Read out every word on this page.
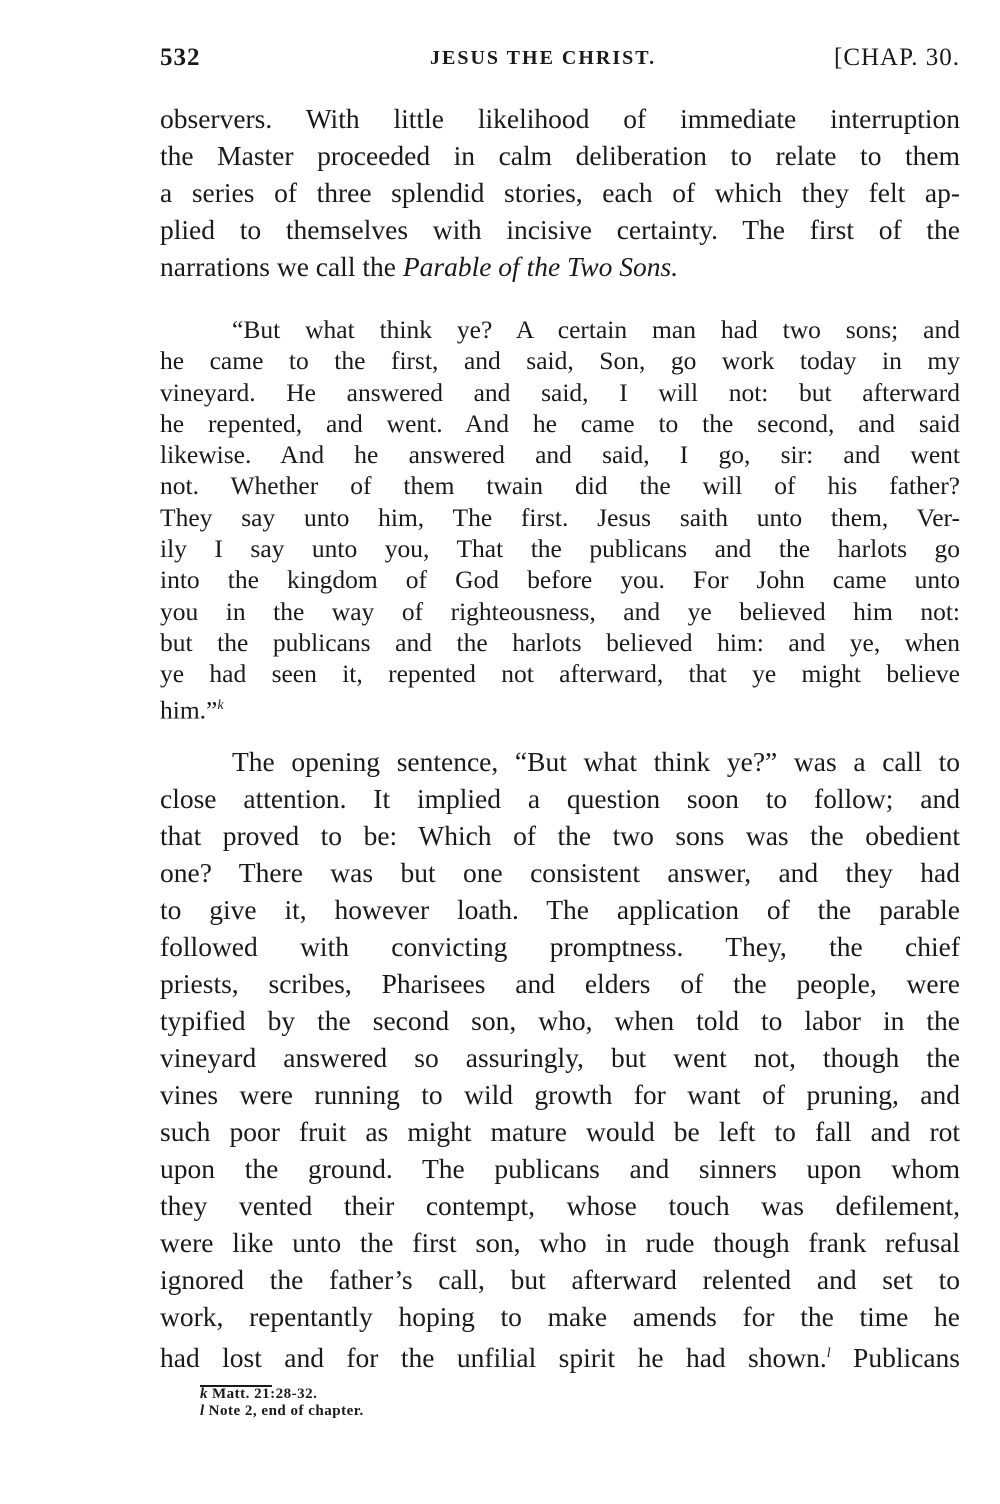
532	JESUS THE CHRIST.	[CHAP. 30.
observers. With little likelihood of immediate interruption
the Master proceeded in calm deliberation to relate to them
a series of three splendid stories, each of which they felt ap-
plied to themselves with incisive certainty. The first of the
narrations we call the Parable of the Two Sons.
“But what think ye? A certain man had two sons; and
he came to the first, and said, Son, go work today in my
vineyard. He answered and said, I will not: but afterward
he repented, and went. And he came to the second, and said
likewise. And he answered and said, I go, sir: and went
not. Whether of them twain did the will of his father?
They say unto him, The first. Jesus saith unto them, Ver-
ily I say unto you, That the publicans and the harlots go
into the kingdom of God before you. For John came unto
you in the way of righteousness, and ye believed him not:
but the publicans and the harlots believed him: and ye, when
ye had seen it, repented not afterward, that ye might believe
him.”$^k$
The opening sentence, “But what think ye?” was a call to
close attention. It implied a question soon to follow; and
that proved to be: Which of the two sons was the obedient
one? There was but one consistent answer, and they had
to give it, however loath. The application of the parable
followed with convicting promptness. They, the chief
priests, scribes, Pharisees and elders of the people, were
typified by the second son, who, when told to labor in the
vineyard answered so assuringly, but went not, though the
vines were running to wild growth for want of pruning, and
such poor fruit as might mature would be left to fall and rot
upon the ground. The publicans and sinners upon whom
they vented their contempt, whose touch was defilement,
were like unto the first son, who in rude though frank refusal
ignored the father’s call, but afterward relented and set to
work, repentantly hoping to make amends for the time he
had lost and for the unfilial spirit he had shown.$^l$ Publicans
k Matt. 21:28-32.
l Note 2, end of chapter.
